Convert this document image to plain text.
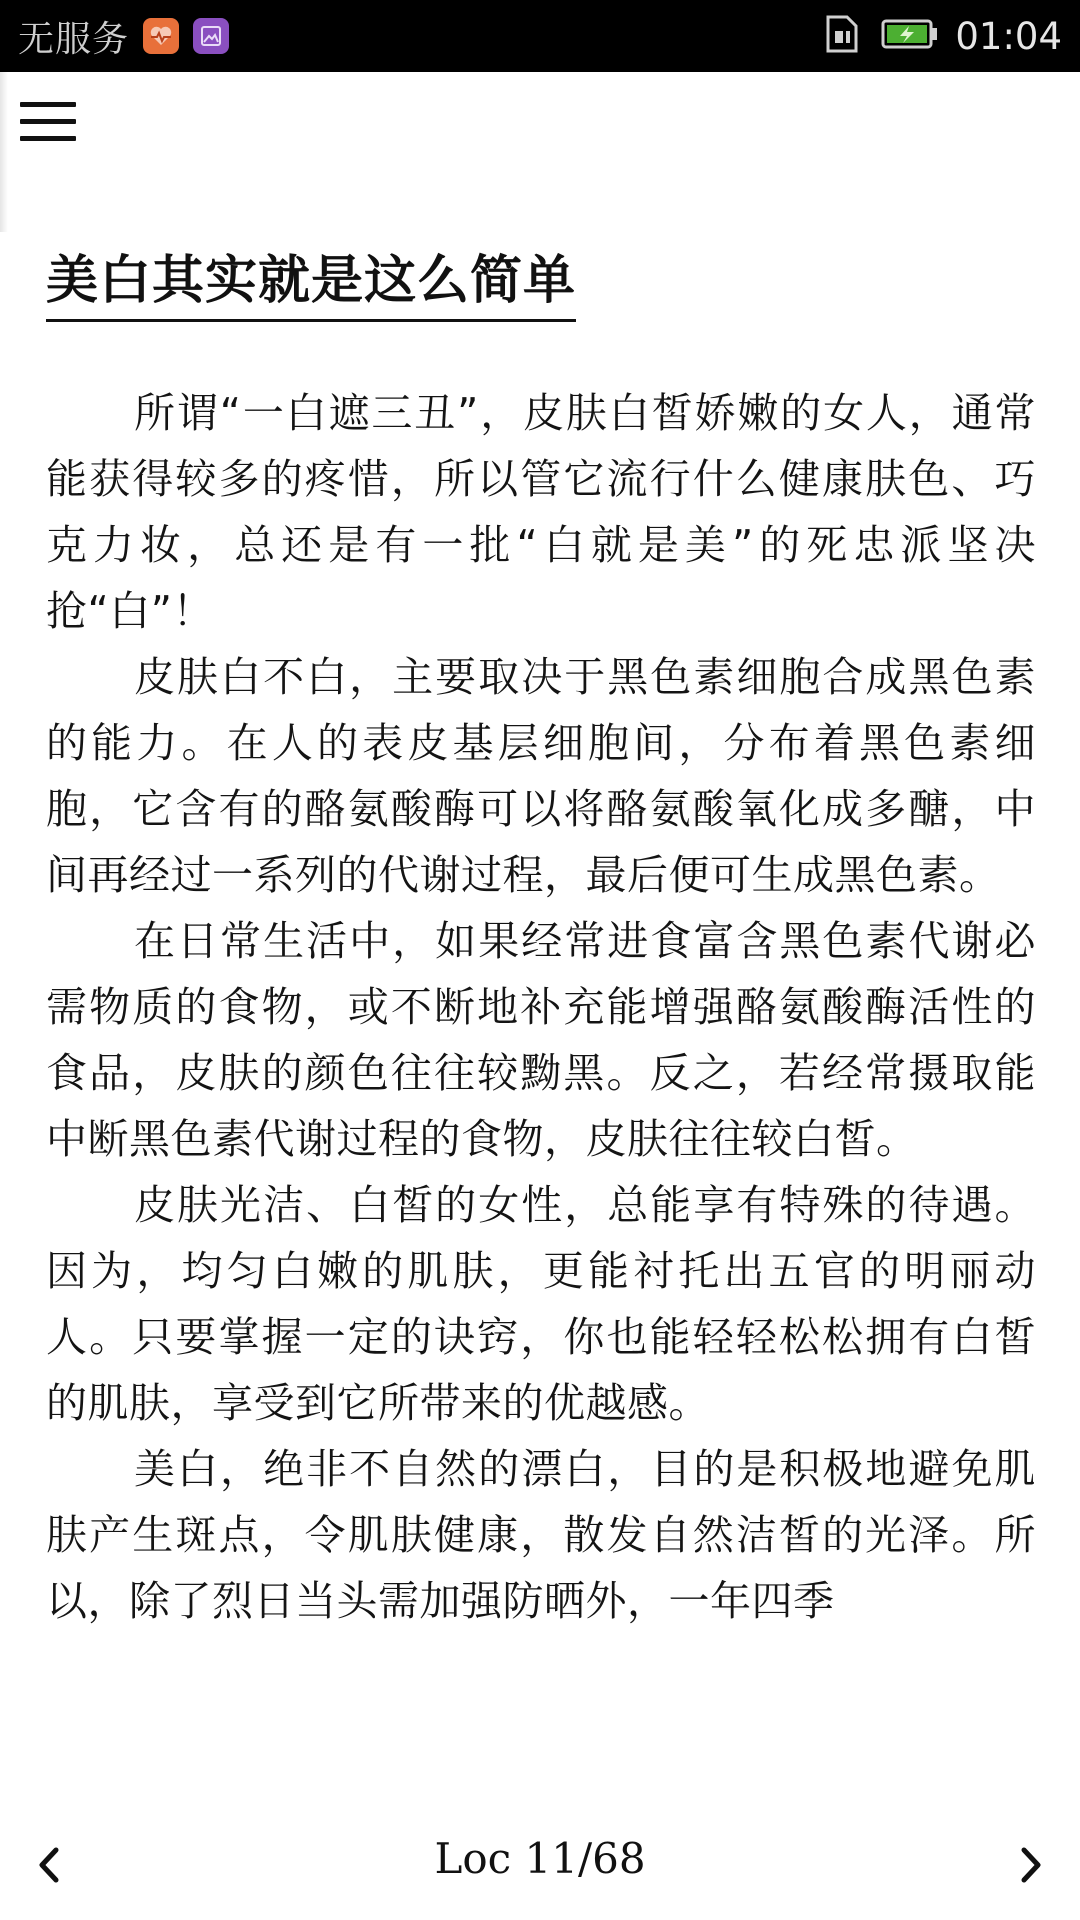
无服务	01:04
美白其实就是这么简单

所谓“一白遮三丑”，皮肤白皙娇嫩的女人，通常能获得较多的疼惜，所以管它流行什么健康肤色、巧克力妆，总还是有一批“白就是美”的死忠派坚决抢“白”！

皮肤白不白，主要取决于黑色素细胞合成黑色素的能力。在人的表皮基层细胞间，分布着黑色素细胞，它含有的酪氨酸酶可以将酪氨酸氧化成多醣，中间再经过一系列的代谢过程，最后便可生成黑色素。

在日常生活中，如果经常进食富含黑色素代谢必需物质的食物，或不断地补充能增强酪氨酸酶活性的食品，皮肤的颜色往往较黝黑。反之，若经常摄取能中断黑色素代谢过程的食物，皮肤往往较白皙。

皮肤光洁、白皙的女性，总能享有特殊的待遇。因为，均匀白嫩的肌肤，更能衬托出五官的明丽动人。只要掌握一定的诀窍，你也能轻轻松松拥有白皙的肌肤，享受到它所带来的优越感。

美白，绝非不自然的漂白，目的是积极地避免肌肤产生斑点，令肌肤健康，散发自然洁皙的光泽。所以，除了烈日当头需加强防晒外，一年四季

Loc 11/68
